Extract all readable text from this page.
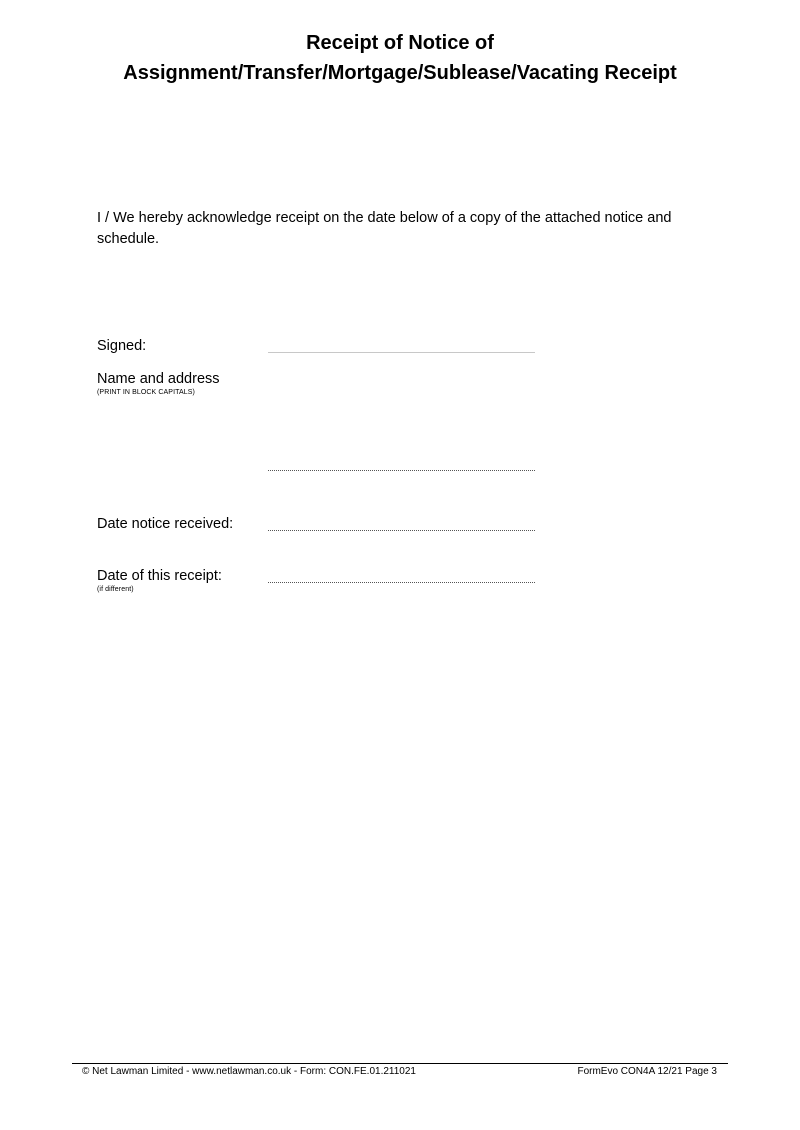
Receipt of Notice of
Assignment/Transfer/Mortgage/Sublease/Vacating Receipt

I / We hereby acknowledge receipt on the date below of a copy of the attached notice and schedule.

Signed:
Name and address
(PRINT IN BLOCK CAPITALS)
Date notice received:
Date of this receipt:
(if different)
© Net Lawman Limited - www.netlawman.co.uk - Form: CON.FE.01.211021	FormEvo CON4A 12/21 Page 3
